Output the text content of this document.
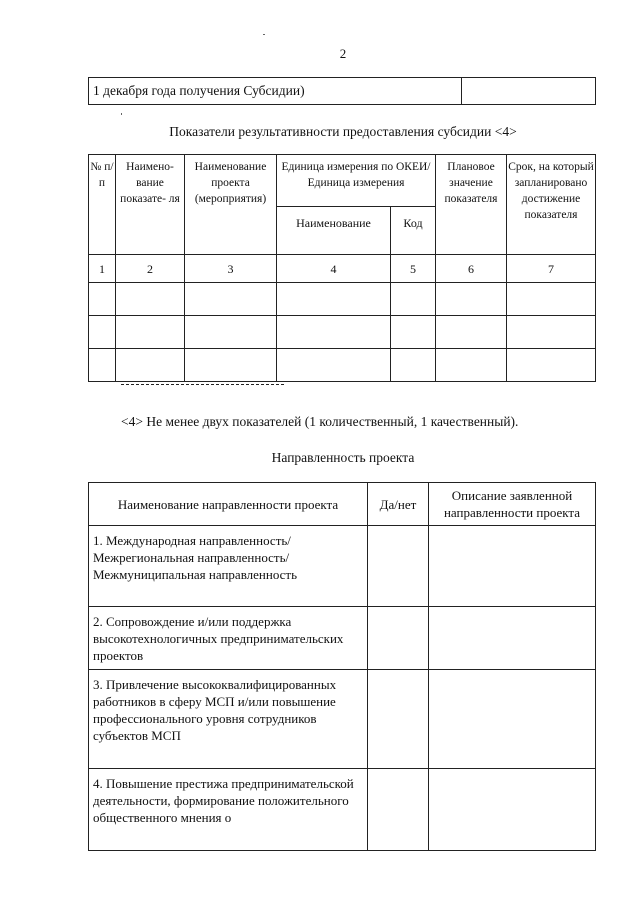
2
1 декабря года получения Субсидии)	
Показатели результативности предоставления субсидии <4>
№ п/п	Наимено- вание показате- ля	Наименование проекта (мероприятия)	Единица измерения по ОКЕИ/Единица измерения		Плановое значение показателя	Срок, на который запланировано достижение показателя
			Наименование	Код		
1	2	3	4	5	6	7

<4> Не менее двух показателей (1 количественный, 1 качественный).
Направленность проекта
Наименование направленности проекта	Да/нет	Описание заявленной направленности проекта
1. Международная направленность/Межрегиональная направленность/Межмуниципальная направленность		
2. Сопровождение и/или поддержка высокотехнологичных предпринимательских проектов		
3. Привлечение высококвалифицированных работников в сферу МСП и/или повышение профессионального уровня сотрудников субъектов МСП		
4. Повышение престижа предпринимательской деятельности, формирование положительного общественного мнения о		
